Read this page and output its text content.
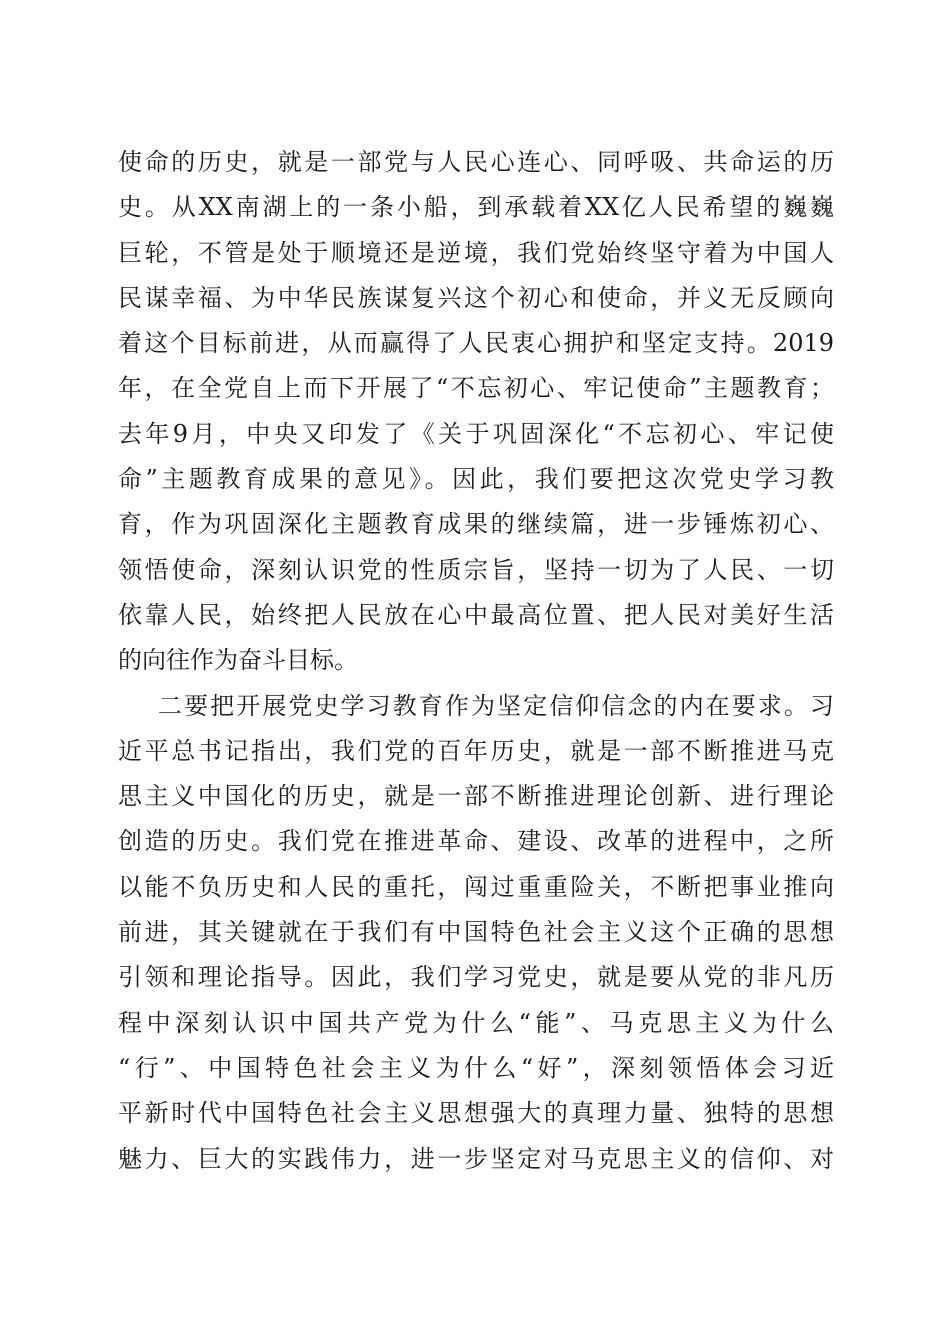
使命的历史，就是一部党与人民心连心、同呼吸、共命运的历
史。从XX南湖上的一条小船，到承载着XX亿人民希望的巍巍
巨轮，不管是处于顺境还是逆境，我们党始终坚守着为中国人
民谋幸福、为中华民族谋复兴这个初心和使命，并义无反顾向
着这个目标前进，从而赢得了人民衷心拥护和坚定支持。2019
年，在全党自上而下开展了“不忘初心、牢记使命”主题教育；
去年9月，中央又印发了《关于巩固深化“不忘初心、牢记使
命”主题教育成果的意见》。因此，我们要把这次党史学习教
育，作为巩固深化主题教育成果的继续篇，进一步锤炼初心、
领悟使命，深刻认识党的性质宗旨，坚持一切为了人民、一切
依靠人民，始终把人民放在心中最高位置、把人民对美好生活
的向往作为奋斗目标。
二要把开展党史学习教育作为坚定信仰信念的内在要求。习
近平总书记指出，我们党的百年历史，就是一部不断推进马克
思主义中国化的历史，就是一部不断推进理论创新、进行理论
创造的历史。我们党在推进革命、建设、改革的进程中，之所
以能不负历史和人民的重托，闯过重重险关，不断把事业推向
前进，其关键就在于我们有中国特色社会主义这个正确的思想
引领和理论指导。因此，我们学习党史，就是要从党的非凡历
程中深刻认识中国共产党为什么“能”、马克思主义为什么
“行”、中国特色社会主义为什么“好”，深刻领悟体会习近
平新时代中国特色社会主义思想强大的真理力量、独特的思想
魅力、巨大的实践伟力，进一步坚定对马克思主义的信仰、对
